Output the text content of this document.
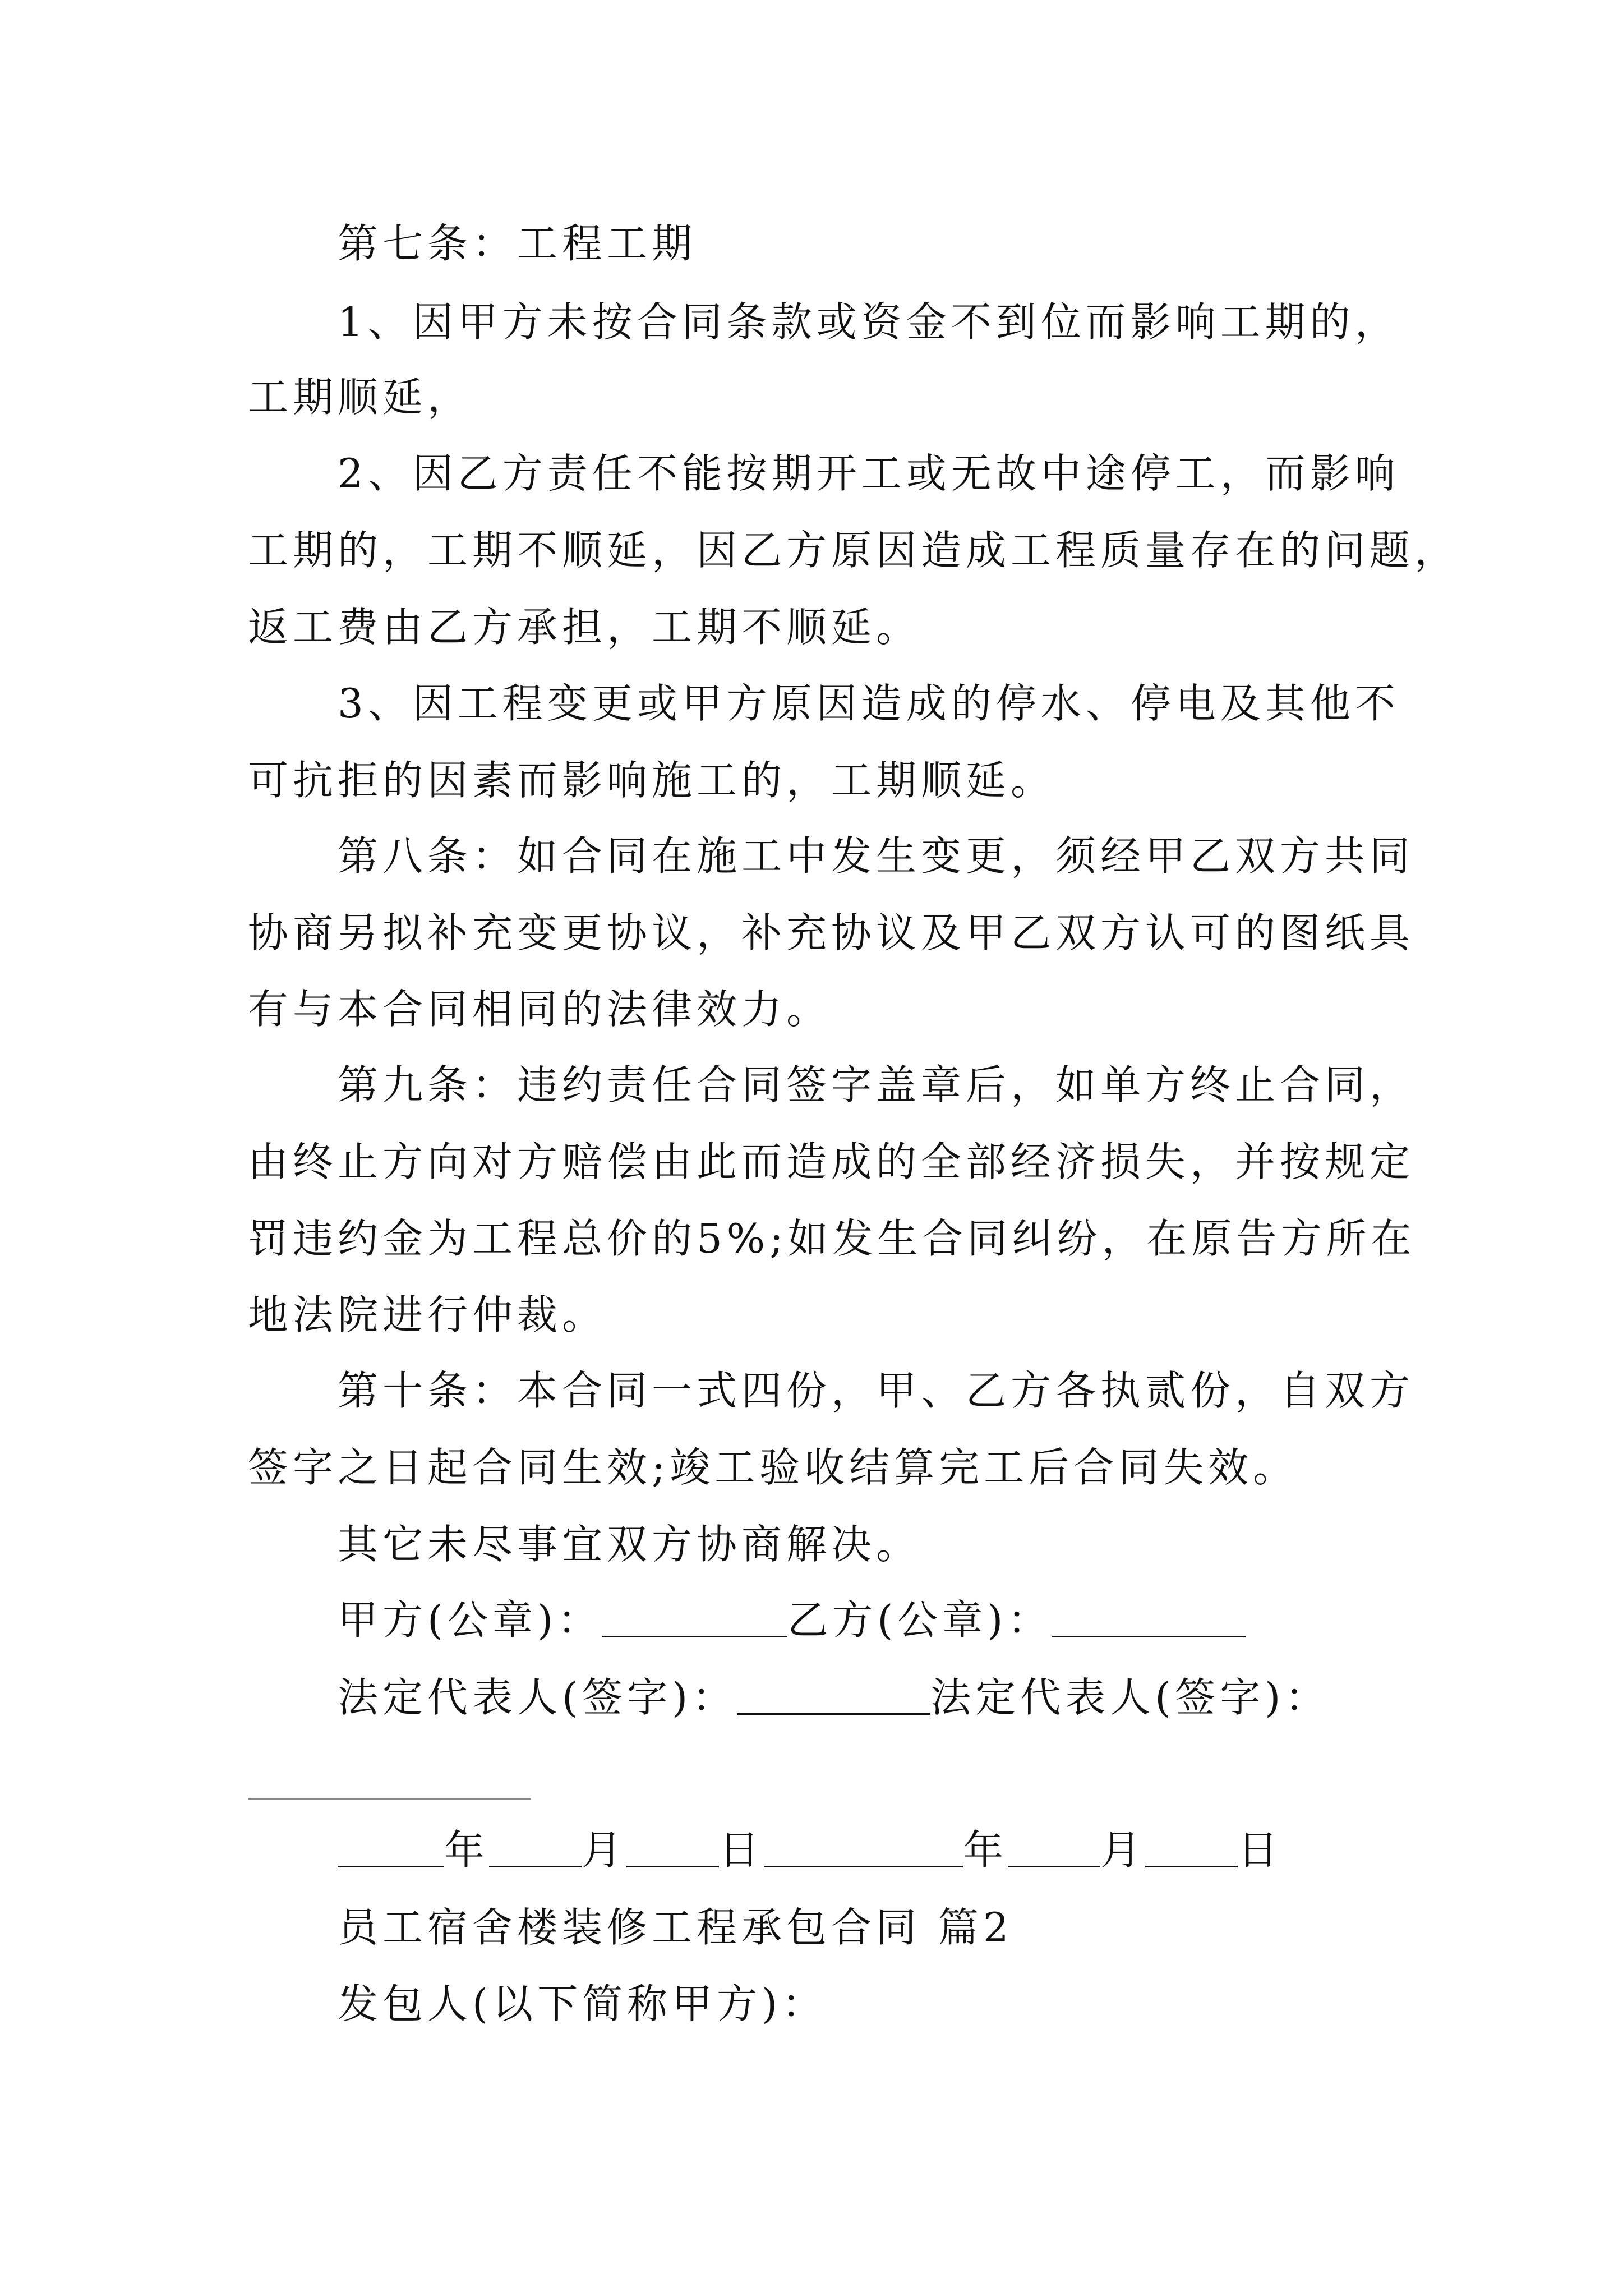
第七条：工程工期
1、因甲方未按合同条款或资金不到位而影响工期的，
工期顺延，
2、因乙方责任不能按期开工或无故中途停工，而影响
工期的，工期不顺延，因乙方原因造成工程质量存在的问题，
返工费由乙方承担，工期不顺延。
3、因工程变更或甲方原因造成的停水、停电及其他不
可抗拒的因素而影响施工的，工期顺延。
第八条：如合同在施工中发生变更，须经甲乙双方共同
协商另拟补充变更协议，补充协议及甲乙双方认可的图纸具
有与本合同相同的法律效力。
第九条：违约责任合同签字盖章后，如单方终止合同，
由终止方向对方赔偿由此而造成的全部经济损失，并按规定
罚违约金为工程总价的5%;如发生合同纠纷，在原告方所在
地法院进行仲裁。
第十条：本合同一式四份，甲、乙方各执贰份，自双方
签字之日起合同生效;竣工验收结算完工后合同失效。
其它未尽事宜双方协商解决。
甲方(公章)：	乙方(公章)：
法定代表人(签字)：	法定代表人(签字)：
年 月 日	年 月 日
员工宿舍楼装修工程承包合同 篇2
发包人(以下简称甲方)：
